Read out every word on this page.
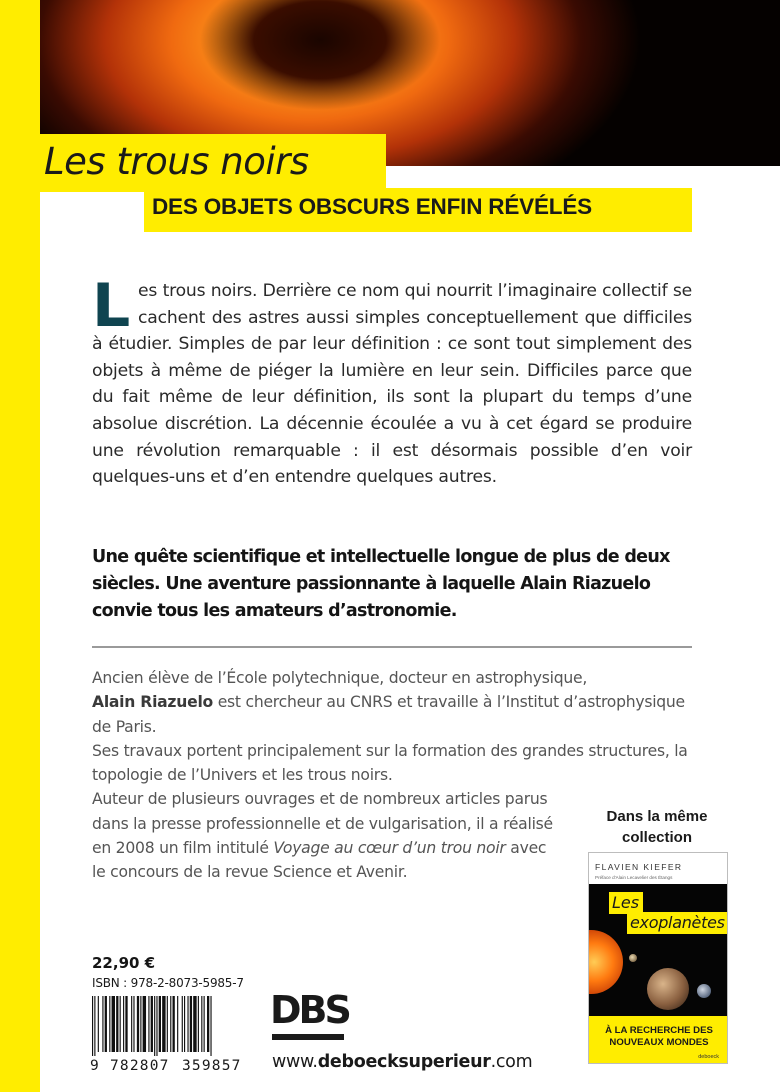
Les trous noirs
DES OBJETS OBSCURS ENFIN RÉVÉLÉS
Les trous noirs. Derrière ce nom qui nourrit l’imaginaire collectif se cachent des astres aussi simples conceptuellement que difficiles à étudier. Simples de par leur définition : ce sont tout simplement des objets à même de piéger la lumière en leur sein. Difficiles parce que du fait même de leur définition, ils sont la plupart du temps d’une absolue discrétion. La décennie écoulée a vu à cet égard se produire une révolution remarquable : il est désormais possible d’en voir quelques-uns et d’en entendre quelques autres.
Une quête scientifique et intellectuelle longue de plus de deux siècles. Une aventure passionnante à laquelle Alain Riazuelo convie tous les amateurs d’astronomie.

Ancien élève de l’École polytechnique, docteur en astrophysique,
Alain Riazuelo est chercheur au CNRS et travaille à l’Institut d’astrophysique de Paris.

Ses travaux portent principalement sur la formation des grandes structures, la topologie de l’Univers et les trous noirs.

Auteur de plusieurs ouvrages et de nombreux articles parus dans la presse professionnelle et de vulgarisation, il a réalisé en 2008 un film intitulé Voyage au cœur d’un trou noir avec le concours de la revue Science et Avenir.

Dans la même collection
FLAVIEN KIEFER
Préface d’Alain Lecavelier des Étangs
Les
exoplanètes
À LA RECHERCHE DES NOUVEAUX MONDES
deboeck
22,90 €
ISBN : 978-2-8073-5985-7
9 782807 359857
DBS
www.deboecksuperieur.com
